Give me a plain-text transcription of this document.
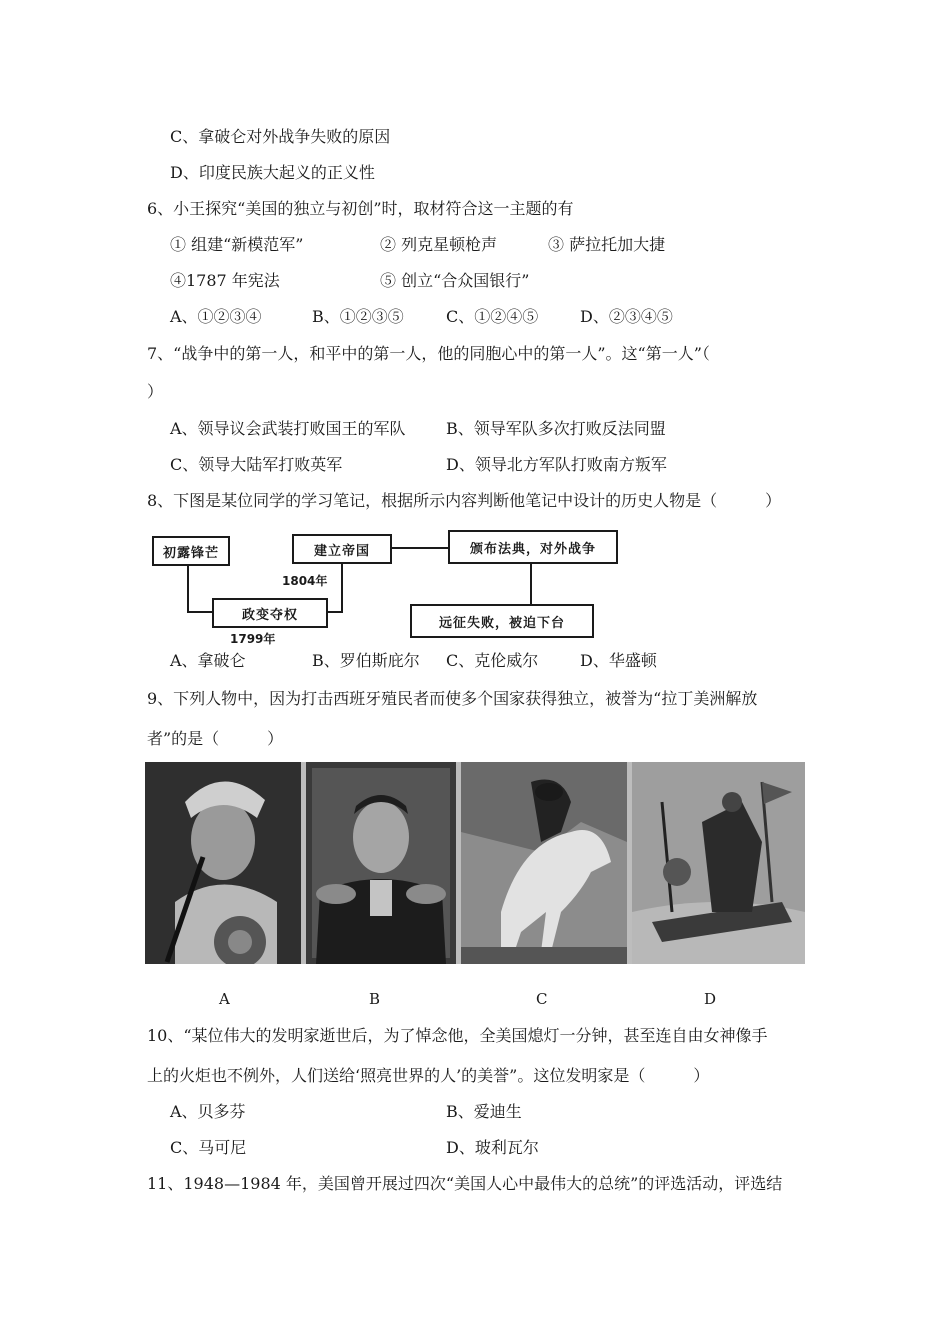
C、拿破仑对外战争失败的原因
D、印度民族大起义的正义性
6、小王探究“美国的独立与初创”时，取材符合这一主题的有
① 组建“新模范军”	② 列克星顿枪声	③ 萨拉托加大捷
④1787 年宪法	⑤ 创立“合众国银行”
A、①②③④	B、①②③⑤	C、①②④⑤	D、②③④⑤
7、“战争中的第一人，和平中的第一人，他的同胞心中的第一人”。这“第一人”（
）
A、领导议会武装打败国王的军队	B、领导军队多次打败反法同盟
C、领导大陆军打败英军	D、领导北方军队打败南方叛军
8、下图是某位同学的学习笔记，根据所示内容判断他笔记中设计的历史人物是（　　　）
初露锋芒
政变夺权
建立帝国	颁布法典，对外战争
远征失败，被迫下台
1799年
1804年
A、拿破仑	B、罗伯斯庇尔 C、克伦威尔	D、华盛顿
9、下列人物中，因为打击西班牙殖民者而使多个国家获得独立，被誉为“拉丁美洲解放
者”的是（　　　）
A	B	C	D
10、“某位伟大的发明家逝世后，为了悼念他，全美国熄灯一分钟，甚至连自由女神像手
上的火炬也不例外，人们送给‘照亮世界的人’的美誉”。这位发明家是（　　　）
A、贝多芬	B、爱迪生
C、马可尼	D、玻利瓦尔
11、1948—1984 年，美国曾开展过四次“美国人心中最伟大的总统”的评选活动，评选结
